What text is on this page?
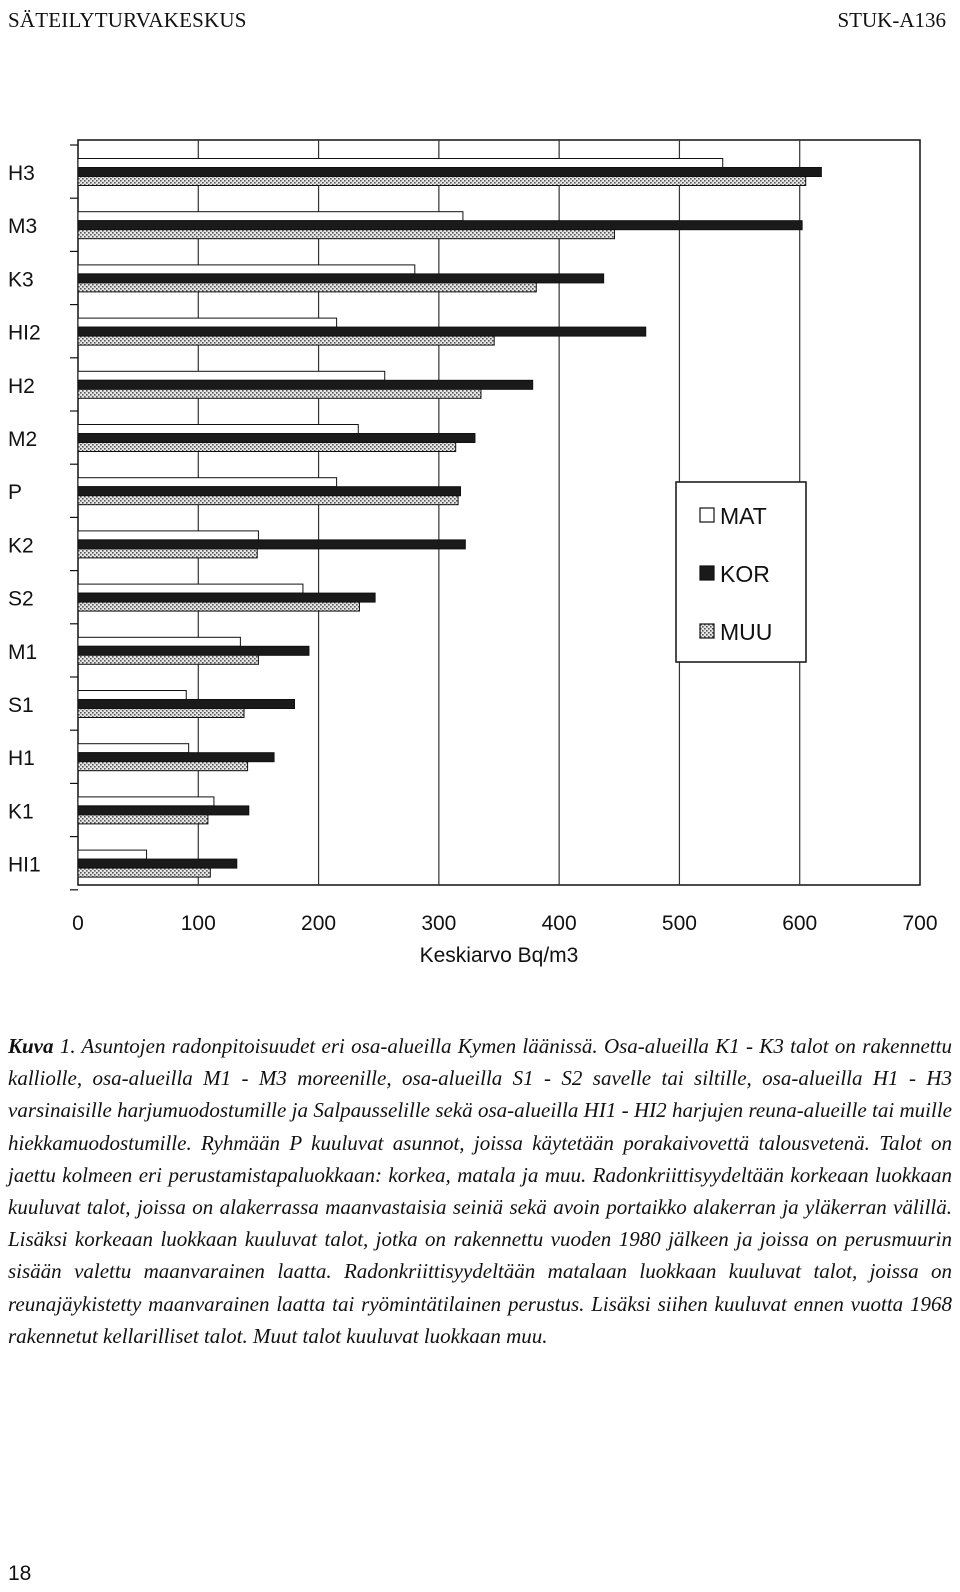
SÄTEILYTURVAKESKUS	STUK-A136
H3
M3
K3
HI2
H2
M2
P
K2
S2
M1
S1
H1
K1
HI1
0	100	200	300	400	500	600	700
Keskiarvo Bq/m3
MAT
KOR
MUU
Kuva 1. Asuntojen radonpitoisuudet eri osa-alueilla Kymen läänissä. Osa-alueilla K1 - K3 talot on rakennettu kalliolle, osa-alueilla M1 - M3 moreenille, osa-alueilla S1 - S2 savelle tai siltille, osa-alueilla H1 - H3 varsinaisille harjumuodostumille ja Salpausselille sekä osa-alueilla HI1 - HI2 harjujen reuna-alueille tai muille hiekkamuodostumille. Ryhmään P kuuluvat asunnot, joissa käytetään porakaivovettä talousvetenä. Talot on jaettu kolmeen eri perustamistapaluokkaan: korkea, matala ja muu. Radonkriittisyydeltään korkeaan luokkaan kuuluvat talot, joissa on alakerrassa maanvastaisia seiniä sekä avoin portaikko alakerran ja yläkerran välillä. Lisäksi korkeaan luokkaan kuuluvat talot, jotka on rakennettu vuoden 1980 jälkeen ja joissa on perusmuurin sisään valettu maanvarainen laatta. Radonkriittisyydeltään matalaan luokkaan kuuluvat talot, joissa on reunajäykistetty maanvarainen laatta tai ryömintätilainen perustus. Lisäksi siihen kuuluvat ennen vuotta 1968 rakennetut kellarilliset talot. Muut talot kuuluvat luokkaan muu.
18
